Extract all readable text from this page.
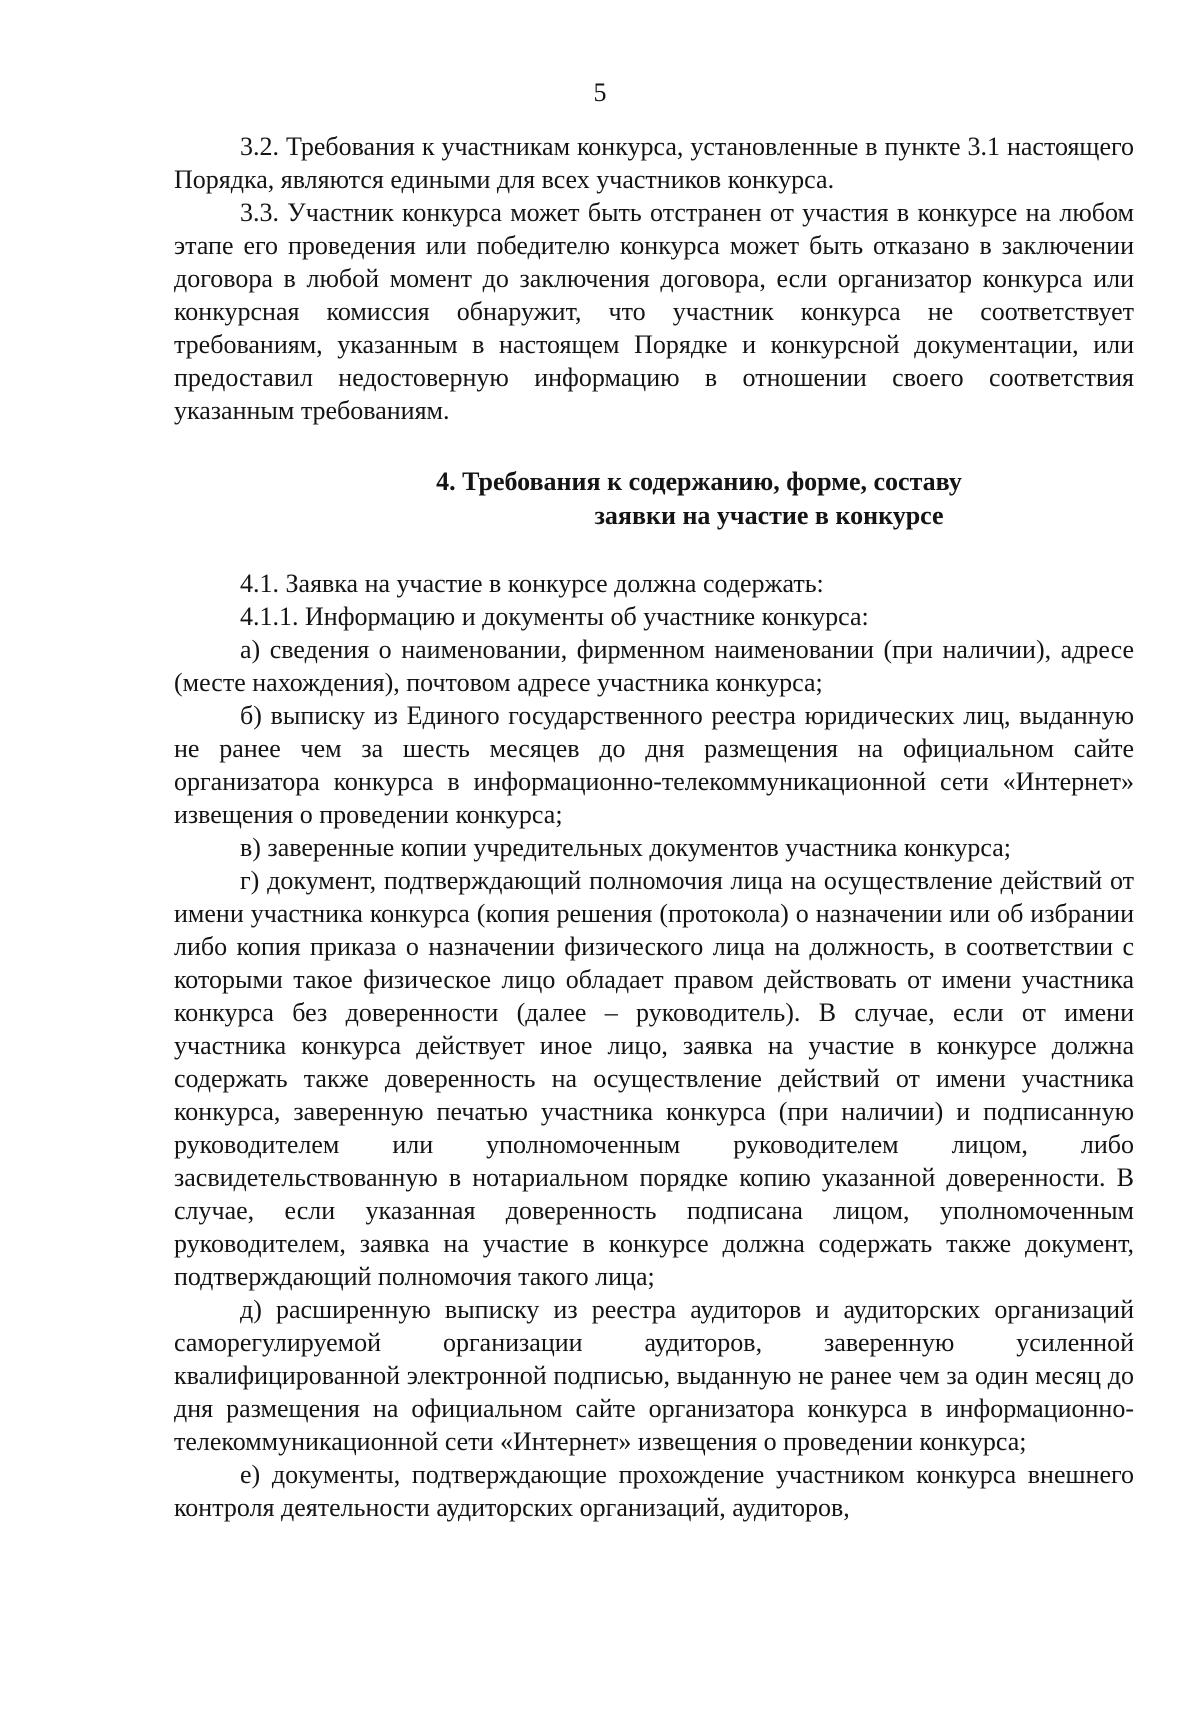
5

3.2. Требования к участникам конкурса, установленные в пункте 3.1 настоящего Порядка, являются едиными для всех участников конкурса.

3.3. Участник конкурса может быть отстранен от участия в конкурсе на любом этапе его проведения или победителю конкурса может быть отказано в заключении договора в любой момент до заключения договора, если организатор конкурса или конкурсная комиссия обнаружит, что участник конкурса не соответствует требованиям, указанным в настоящем Порядке и конкурсной документации, или предоставил недостоверную информацию в отношении своего соответствия указанным требованиям.

4. Требования к содержанию, форме, составу
заявки на участие в конкурсе

4.1. Заявка на участие в конкурсе должна содержать:

4.1.1. Информацию и документы об участнике конкурса:

а) сведения о наименовании, фирменном наименовании (при наличии), адресе (месте нахождения), почтовом адресе участника конкурса;

б) выписку из Единого государственного реестра юридических лиц, выданную не ранее чем за шесть месяцев до дня размещения на официальном сайте организатора конкурса в информационно-телекоммуникационной сети «Интернет» извещения о проведении конкурса;

в) заверенные копии учредительных документов участника конкурса;

г) документ, подтверждающий полномочия лица на осуществление действий от имени участника конкурса (копия решения (протокола) о назначении или об избрании либо копия приказа о назначении физического лица на должность, в соответствии с которыми такое физическое лицо обладает правом действовать от имени участника конкурса без доверенности (далее – руководитель). В случае, если от имени участника конкурса действует иное лицо, заявка на участие в конкурсе должна содержать также доверенность на осуществление действий от имени участника конкурса, заверенную печатью участника конкурса (при наличии) и подписанную руководителем или уполномоченным руководителем лицом, либо засвидетельствованную в нотариальном порядке копию указанной доверенности. В случае, если указанная доверенность подписана лицом, уполномоченным руководителем, заявка на участие в конкурсе должна содержать также документ, подтверждающий полномочия такого лица;

д) расширенную выписку из реестра аудиторов и аудиторских организаций саморегулируемой организации аудиторов, заверенную усиленной квалифицированной электронной подписью, выданную не ранее чем за один месяц до дня размещения на официальном сайте организатора конкурса в информационно-телекоммуникационной сети «Интернет» извещения о проведении конкурса;

е) документы, подтверждающие прохождение участником конкурса внешнего контроля деятельности аудиторских организаций, аудиторов,
